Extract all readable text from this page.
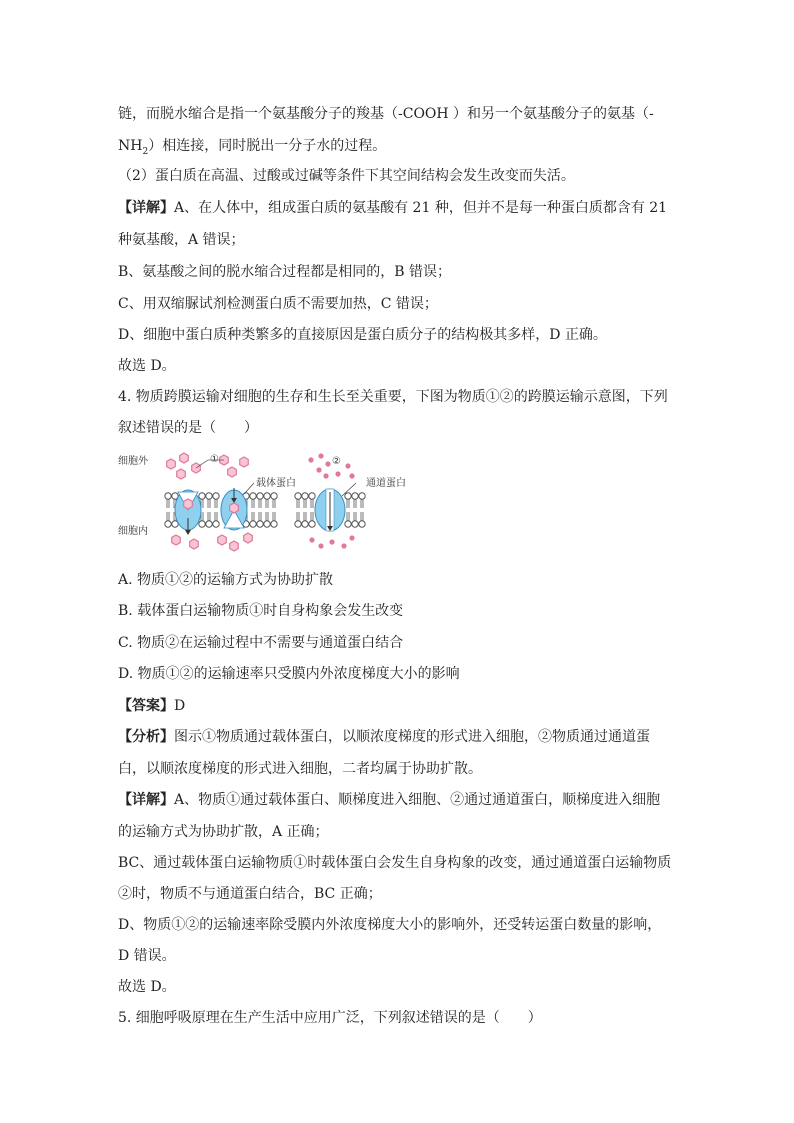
链，而脱水缩合是指一个氨基酸分子的羧基（-COOH ）和另一个氨基酸分子的氨基（-
$NH_2$）相连接，同时脱出一分子水的过程。
（2）蛋白质在高温、过酸或过碱等条件下其空间结构会发生改变而失活。
【详解】A、在人体中，组成蛋白质的氨基酸有 21 种，但并不是每一种蛋白质都含有 21
种氨基酸，A 错误；
B、氨基酸之间的脱水缩合过程都是相同的，B 错误；
C、用双缩脲试剂检测蛋白质不需要加热，C 错误；
D、细胞中蛋白质种类繁多的直接原因是蛋白质分子的结构极其多样，D 正确。
故选 D。
4. 物质跨膜运输对细胞的生存和生长至关重要，下图为物质①②的跨膜运输示意图，下列
叙述错误的是（　　）
细胞外
细胞内
载体蛋白	通道蛋白
①	②
A. 物质①②的运输方式为协助扩散
B. 载体蛋白运输物质①时自身构象会发生改变
C. 物质②在运输过程中不需要与通道蛋白结合
D. 物质①②的运输速率只受膜内外浓度梯度大小的影响
【答案】D
【分析】图示①物质通过载体蛋白，以顺浓度梯度的形式进入细胞，②物质通过通道蛋
白，以顺浓度梯度的形式进入细胞，二者均属于协助扩散。
【详解】A、物质①通过载体蛋白、顺梯度进入细胞、②通过通道蛋白，顺梯度进入细胞
的运输方式为协助扩散，A 正确；
BC、通过载体蛋白运输物质①时载体蛋白会发生自身构象的改变，通过通道蛋白运输物质
②时，物质不与通道蛋白结合，BC 正确；
D、物质①②的运输速率除受膜内外浓度梯度大小的影响外，还受转运蛋白数量的影响，
D 错误。
故选 D。
5. 细胞呼吸原理在生产生活中应用广泛，下列叙述错误的是（　　）
